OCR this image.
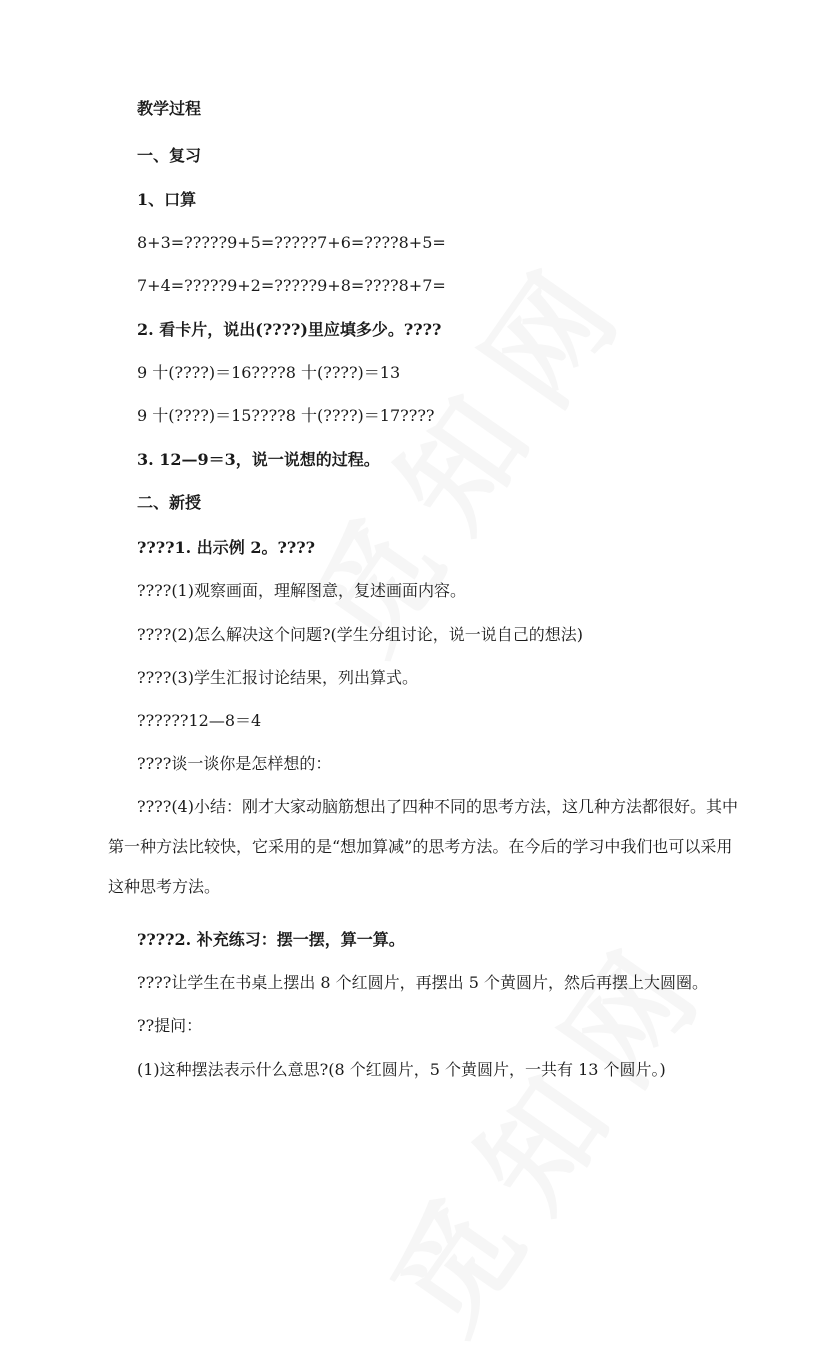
教学过程

一、复习

1、口算

8+3=?????9+5=?????7+6=????8+5=

7+4=?????9+2=?????9+8=????8+7=

2. 看卡片，说出(????)里应填多少。????

9 十(????)＝16????8 十(????)＝13

9 十(????)＝15????8 十(????)＝17????

3. 12—9＝3，说一说想的过程。

二、新授

????1. 出示例 2。????

????(1)观察画面，理解图意，复述画面内容。

????(2)怎么解决这个问题?(学生分组讨论，说一说自己的想法)

????(3)学生汇报讨论结果，列出算式。

??????12—8＝4

????谈一谈你是怎样想的：

????(4)小结：刚才大家动脑筋想出了四种不同的思考方法，这几种方法都很好。其中第一种方法比较快，它采用的是“想加算减”的思考方法。在今后的学习中我们也可以采用这种思考方法。

????2. 补充练习：摆一摆，算一算。

????让学生在书桌上摆出 8 个红圆片，再摆出 5 个黄圆片，然后再摆上大圆圈。

??提问：

(1)这种摆法表示什么意思?(8 个红圆片，5 个黄圆片，一共有 13 个圆片。)
